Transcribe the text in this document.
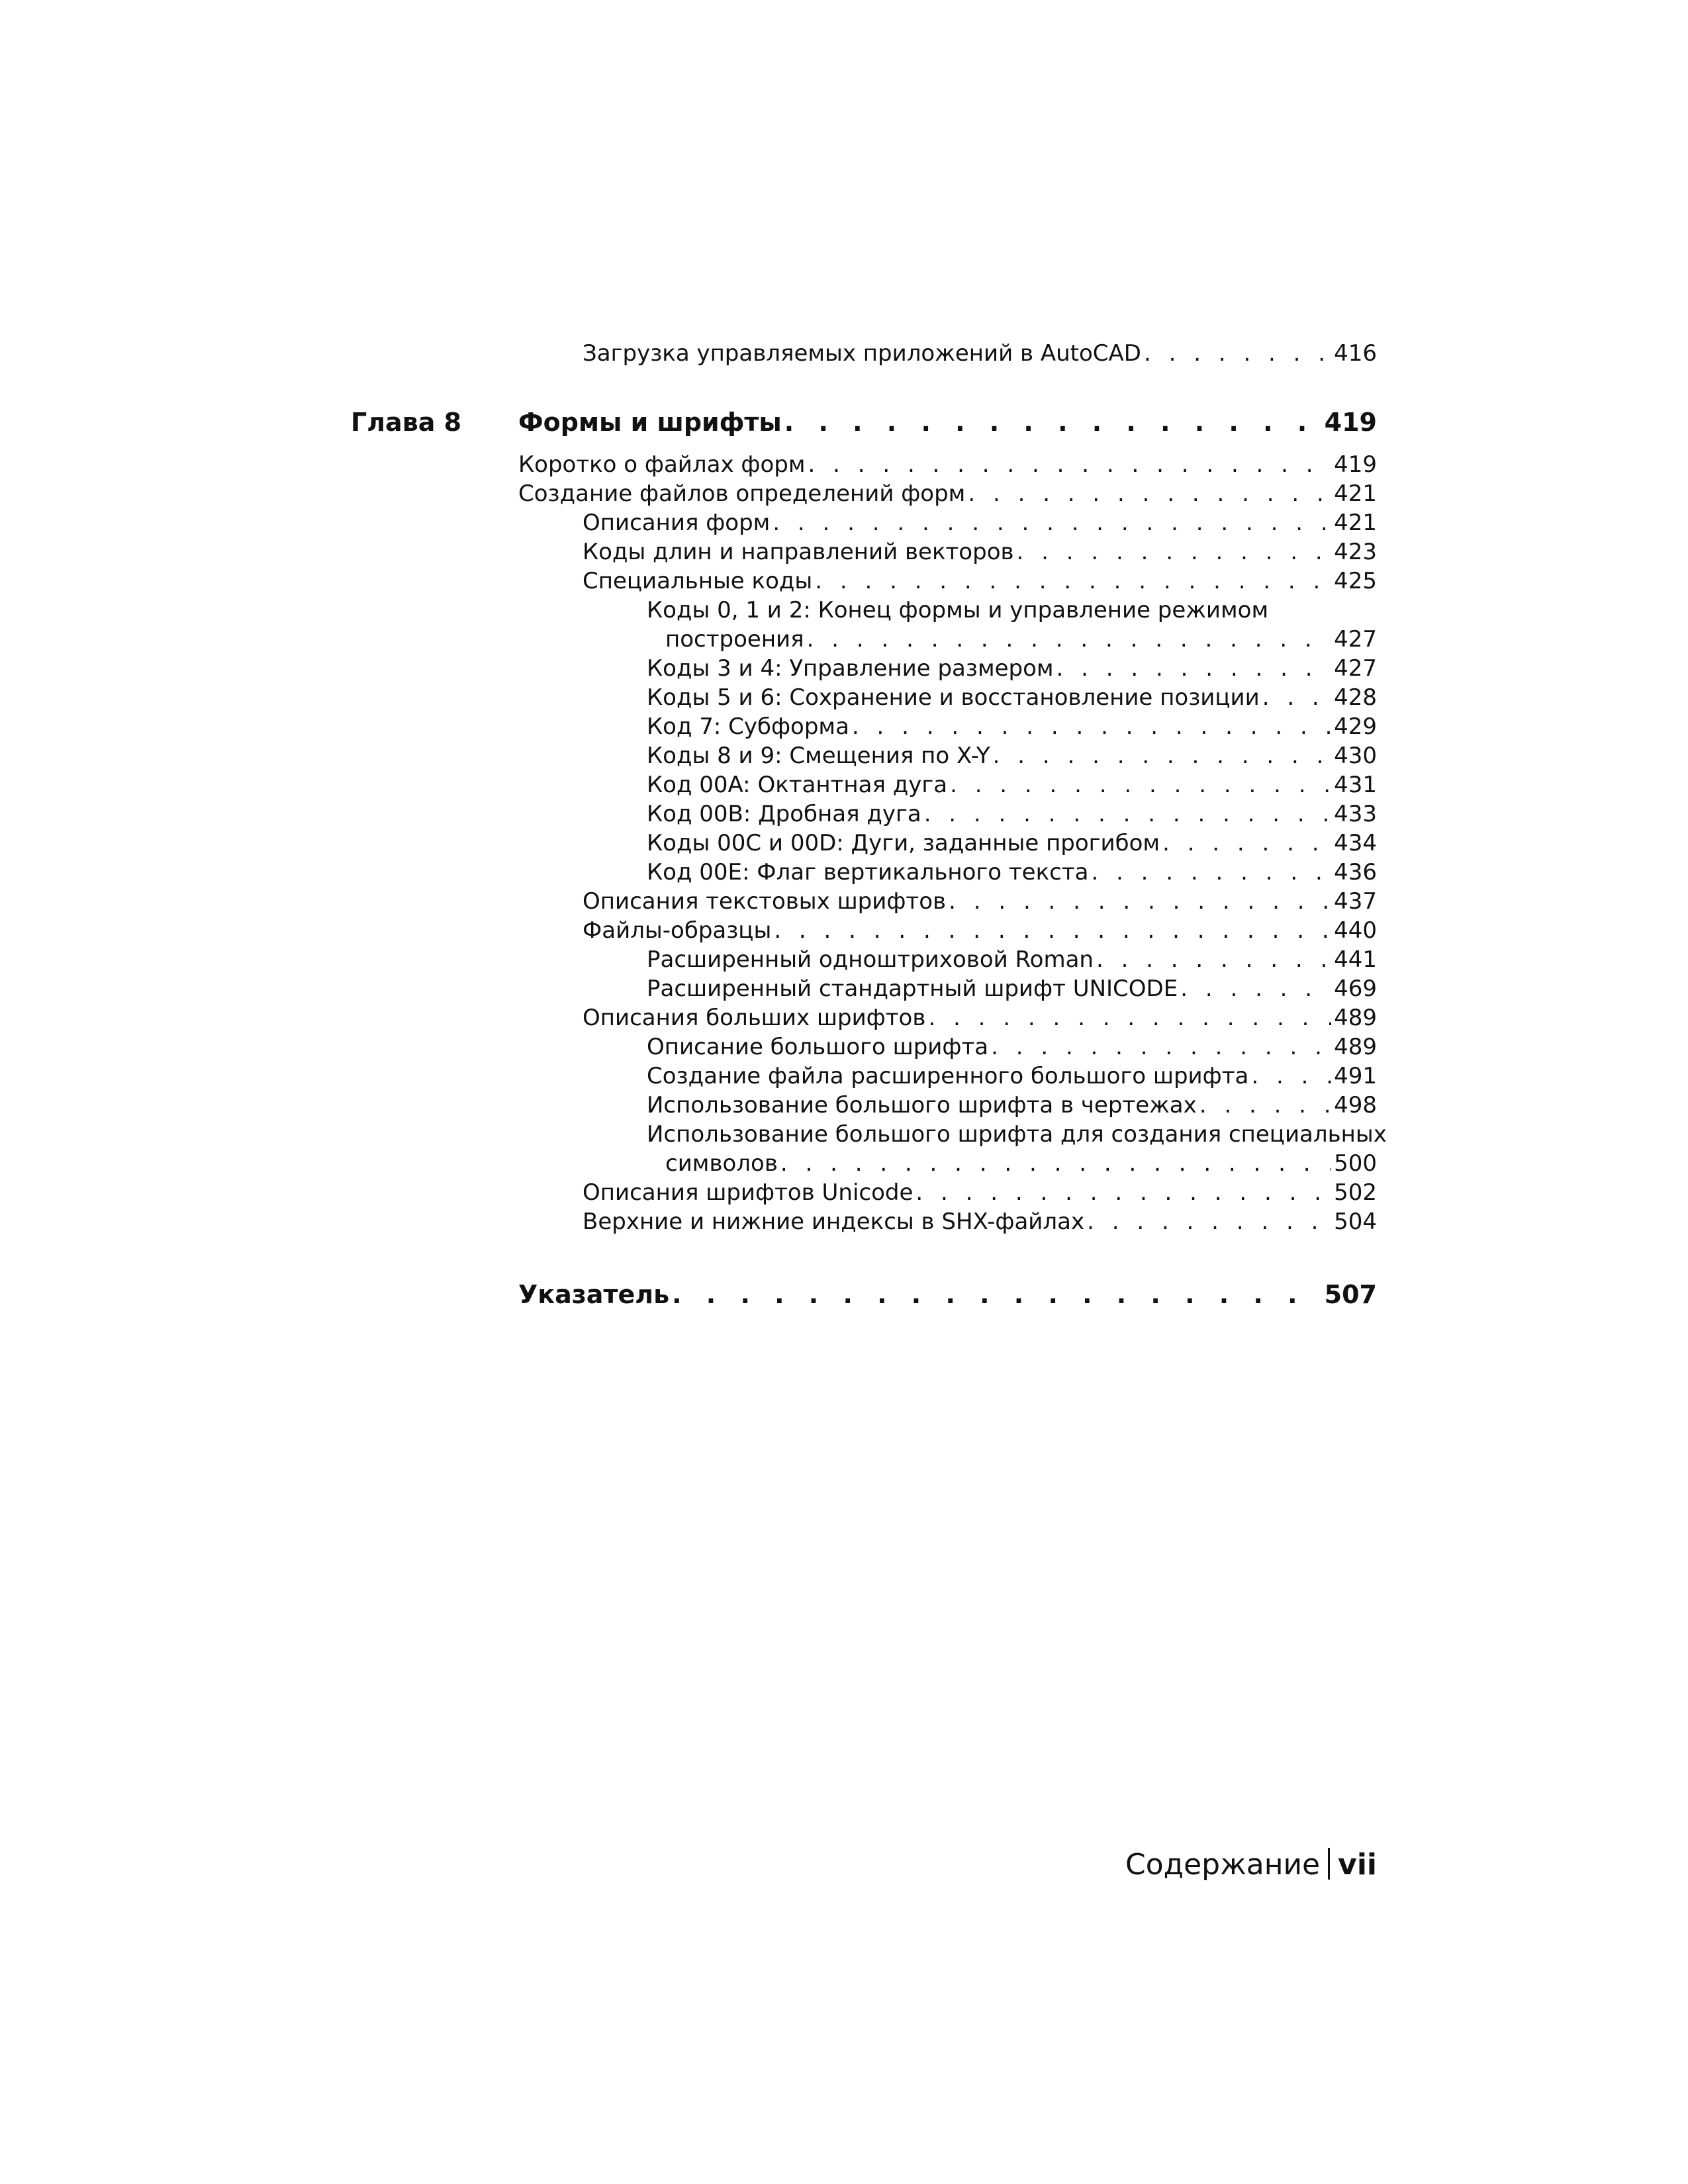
Загрузка управляемых приложений в AutoCAD . . .	416
Глава 8 Формы и шрифты . . .	419
Коротко о файлах форм . . .	419
Создание файлов определений форм . . .	421
Описания форм . . .	421
Коды длин и направлений векторов . . .	423
Специальные коды . . .	425
Коды 0, 1 и 2: Конец формы и управление режимом
построения . . .	427
Коды 3 и 4: Управление размером . . .	427
Коды 5 и 6: Сохранение и восстановление позиции . . .	428
Код 7: Субформа . . .	429
Коды 8 и 9: Смещения по X-Y . . .	430
Код 00A: Октантная дуга . . .	431
Код 00B: Дробная дуга . . .	433
Коды 00C и 00D: Дуги, заданные прогибом . . .	434
Код 00E: Флаг вертикального текста . . .	436
Описания текстовых шрифтов . . .	437
Файлы-образцы . . .	440
Расширенный одноштриховой Roman . . .	441
Расширенный стандартный шрифт UNICODE . . .	469
Описания больших шрифтов . . .	489
Описание большого шрифта . . .	489
Создание файла расширенного большого шрифта . . .	491
Использование большого шрифта в чертежах . . .	498
Использование большого шрифта для создания специальных
символов . . .	500
Описания шрифтов Unicode . . .	502
Верхние и нижние индексы в SHX-файлах . . .	504
Указатель . . .	507
Содержание vii
